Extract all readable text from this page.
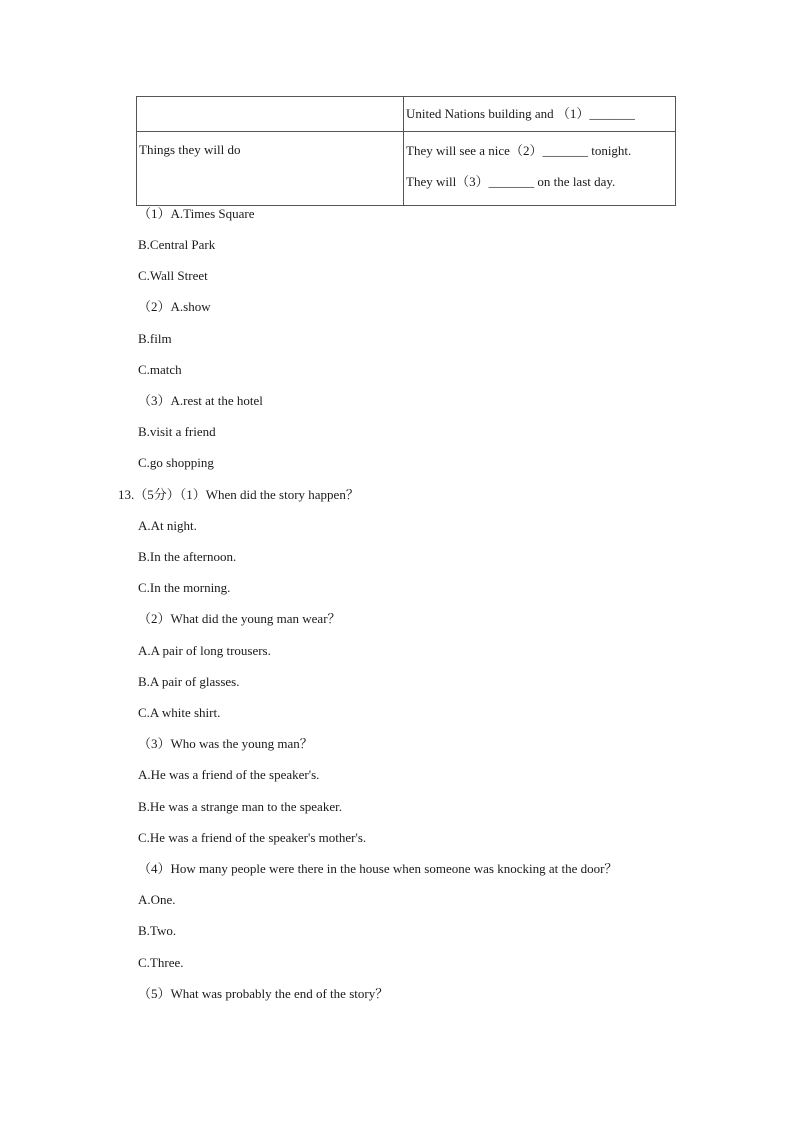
	United Nations building and （1）_______
Things they will do	They will see a nice（2）_______ tonight.
They will（3）_______ on the last day.
（1）A.Times Square
B.Central Park
C.Wall Street
（2）A.show
B.film
C.match
（3）A.rest at the hotel
B.visit a friend
C.go shopping
13.（5分）（1）When did the story happen？
A.At night.
B.In the afternoon.
C.In the morning.
（2）What did the young man wear？
A.A pair of long trousers.
B.A pair of glasses.
C.A white shirt.
（3）Who was the young man？
A.He was a friend of the speaker's.
B.He was a strange man to the speaker.
C.He was a friend of the speaker's mother's.
（4）How many people were there in the house when someone was knocking at the door？
A.One.
B.Two.
C.Three.
（5）What was probably the end of the story？
